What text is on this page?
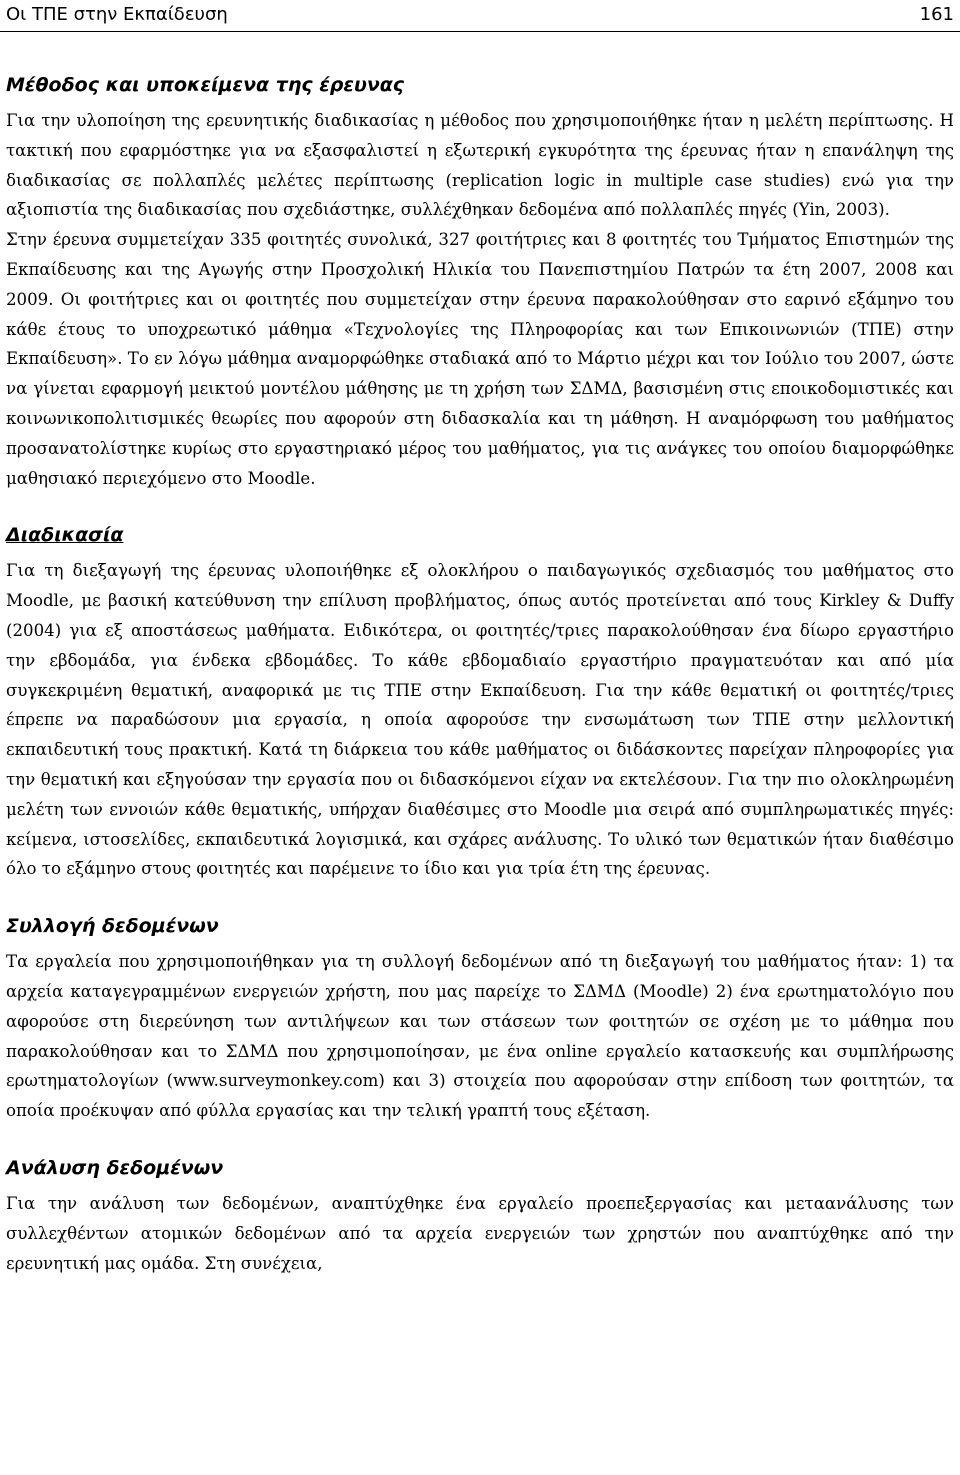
Οι ΤΠΕ στην Εκπαίδευση	161
Μέθοδος και υποκείμενα της έρευνας

Για την υλοποίηση της ερευνητικής διαδικασίας η μέθοδος που χρησιμοποιήθηκε ήταν η μελέτη περίπτωσης. Η τακτική που εφαρμόστηκε για να εξασφαλιστεί η εξωτερική εγκυρότητα της έρευνας ήταν η επανάληψη της διαδικασίας σε πολλαπλές μελέτες περίπτωσης (replication logic in multiple case studies) ενώ για την αξιοπιστία της διαδικασίας που σχεδιάστηκε, συλλέχθηκαν δεδομένα από πολλαπλές πηγές (Yin, 2003).

Στην έρευνα συμμετείχαν 335 φοιτητές συνολικά, 327 φοιτήτριες και 8 φοιτητές του Τμήματος Επιστημών της Εκπαίδευσης και της Αγωγής στην Προσχολική Ηλικία του Πανεπιστημίου Πατρών τα έτη 2007, 2008 και 2009. Οι φοιτήτριες και οι φοιτητές που συμμετείχαν στην έρευνα παρακολούθησαν στο εαρινό εξάμηνο του κάθε έτους το υποχρεωτικό μάθημα «Τεχνολογίες της Πληροφορίας και των Επικοινωνιών (ΤΠΕ) στην Εκπαίδευση». Το εν λόγω μάθημα αναμορφώθηκε σταδιακά από το Μάρτιο μέχρι και τον Ιούλιο του 2007, ώστε να γίνεται εφαρμογή μεικτού μοντέλου μάθησης με τη χρήση των ΣΔΜΔ, βασισμένη στις εποικοδομιστικές και κοινωνικοπολιτισμικές θεωρίες που αφορούν στη διδασκαλία και τη μάθηση. Η αναμόρφωση του μαθήματος προσανατολίστηκε κυρίως στο εργαστηριακό μέρος του μαθήματος, για τις ανάγκες του οποίου διαμορφώθηκε μαθησιακό περιεχόμενο στο Moodle.

Διαδικασία

Για τη διεξαγωγή της έρευνας υλοποιήθηκε εξ ολοκλήρου ο παιδαγωγικός σχεδιασμός του μαθήματος στο Moodle, με βασική κατεύθυνση την επίλυση προβλήματος, όπως αυτός προτείνεται από τους Kirkley & Duffy (2004) για εξ αποστάσεως μαθήματα. Ειδικότερα, οι φοιτητές/τριες παρακολούθησαν ένα δίωρο εργαστήριο την εβδομάδα, για ένδεκα εβδομάδες. Το κάθε εβδομαδιαίο εργαστήριο πραγματευόταν και από μία συγκεκριμένη θεματική, αναφορικά με τις ΤΠΕ στην Εκπαίδευση. Για την κάθε θεματική οι φοιτητές/τριες έπρεπε να παραδώσουν μια εργασία, η οποία αφορούσε την ενσωμάτωση των ΤΠΕ στην μελλοντική εκπαιδευτική τους πρακτική. Κατά τη διάρκεια του κάθε μαθήματος οι διδάσκοντες παρείχαν πληροφορίες για την θεματική και εξηγούσαν την εργασία που οι διδασκόμενοι είχαν να εκτελέσουν. Για την πιο ολοκληρωμένη μελέτη των εννοιών κάθε θεματικής, υπήρχαν διαθέσιμες στο Moodle μια σειρά από συμπληρωματικές πηγές: κείμενα, ιστοσελίδες, εκπαιδευτικά λογισμικά, και σχάρες ανάλυσης. Το υλικό των θεματικών ήταν διαθέσιμο όλο το εξάμηνο στους φοιτητές και παρέμεινε το ίδιο και για τρία έτη της έρευνας.

Συλλογή δεδομένων

Τα εργαλεία που χρησιμοποιήθηκαν για τη συλλογή δεδομένων από τη διεξαγωγή του μαθήματος ήταν: 1) τα αρχεία καταγεγραμμένων ενεργειών χρήστη, που μας παρείχε το ΣΔΜΔ (Moodle) 2) ένα ερωτηματολόγιο που αφορούσε στη διερεύνηση των αντιλήψεων και των στάσεων των φοιτητών σε σχέση με το μάθημα που παρακολούθησαν και το ΣΔΜΔ που χρησιμοποίησαν, με ένα online εργαλείο κατασκευής και συμπλήρωσης ερωτηματολογίων (www.surveymonkey.com) και 3) στοιχεία που αφορούσαν στην επίδοση των φοιτητών, τα οποία προέκυψαν από φύλλα εργασίας και την τελική γραπτή τους εξέταση.

Ανάλυση δεδομένων

Για την ανάλυση των δεδομένων, αναπτύχθηκε ένα εργαλείο προεπεξεργασίας και μεταανάλυσης των συλλεχθέντων ατομικών δεδομένων από τα αρχεία ενεργειών των χρηστών που αναπτύχθηκε από την ερευνητική μας ομάδα. Στη συνέχεια,
